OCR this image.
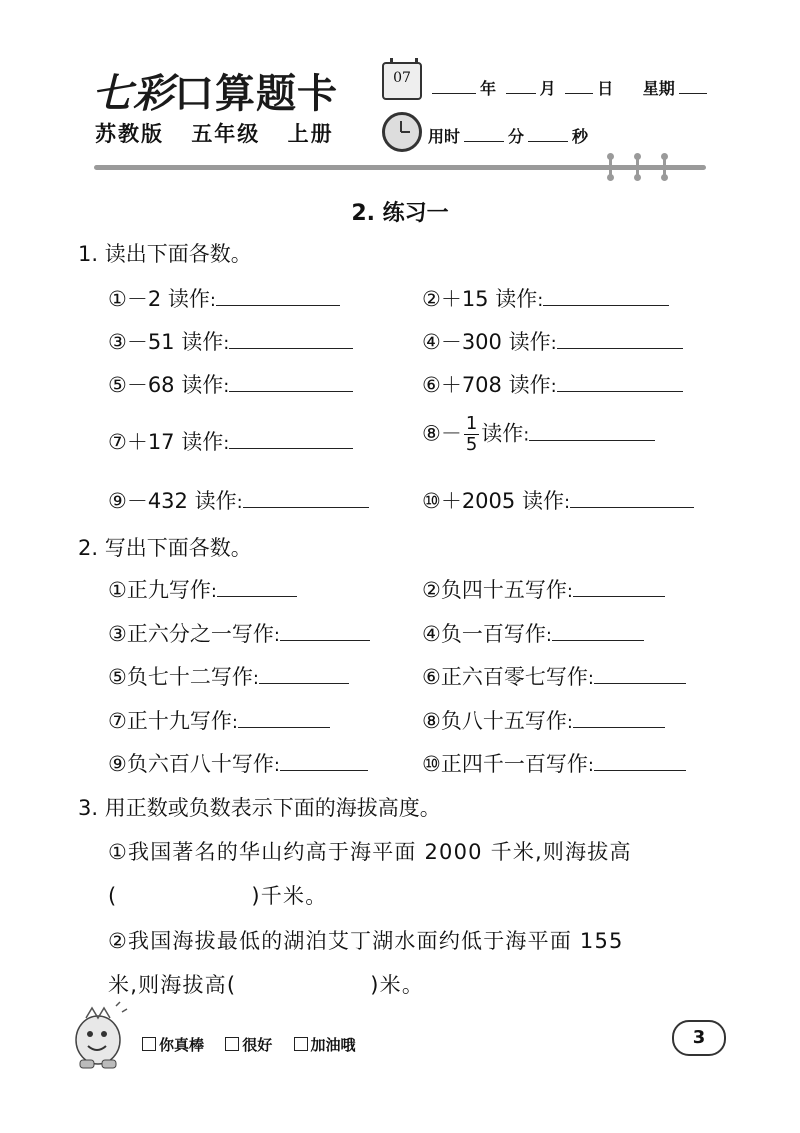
七彩口算题卡
苏教版 五年级 上册
07
年	月	日 星期
用时	分	秒
2. 练习一
1. 读出下面各数。
①－2 读作:	②＋15 读作:
③－51 读作:	④－300 读作:
⑤－68 读作:	⑥＋708 读作:
⑦＋17 读作:	⑧－ $\frac{1}{5}$ 读作:
⑨－432 读作:	⑩＋2005 读作:
2. 写出下面各数。
①正九写作:	②负四十五写作:
③正六分之一写作:	④负一百写作:
⑤负七十二写作:	⑥正六百零七写作:
⑦正十九写作:	⑧负八十五写作:
⑨负六百八十写作:	⑩正四千一百写作:
3. 用正数或负数表示下面的海拔高度。
①我国著名的华山约高于海平面 2000 千米,则海拔高
(	)千米。
②我国海拔最低的湖泊艾丁湖水面约低于海平面 155
米,则海拔高(	)米。
你真棒	很好	加油哦	3
